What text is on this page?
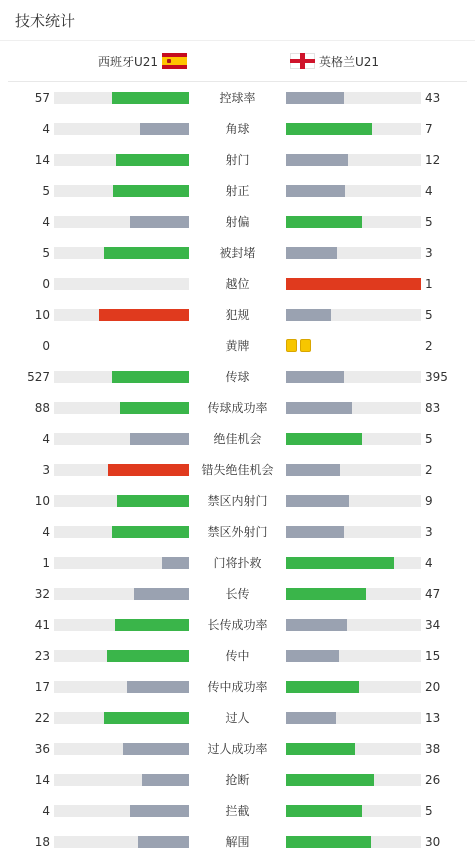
技术统计
西班牙U21	英格兰U21
57	控球率	43
4	角球	7
14	射门	12
5	射正	4
4	射偏	5
5	被封堵	3
0	越位	1
10	犯规	5
0	黄牌	2
527	传球	395
88	传球成功率	83
4	绝佳机会	5
3	错失绝佳机会	2
10	禁区内射门	9
4	禁区外射门	3
1	门将扑救	4
32	长传	47
41	长传成功率	34
23	传中	15
17	传中成功率	20
22	过人	13
36	过人成功率	38
14	抢断	26
4	拦截	5
18	解围	30
